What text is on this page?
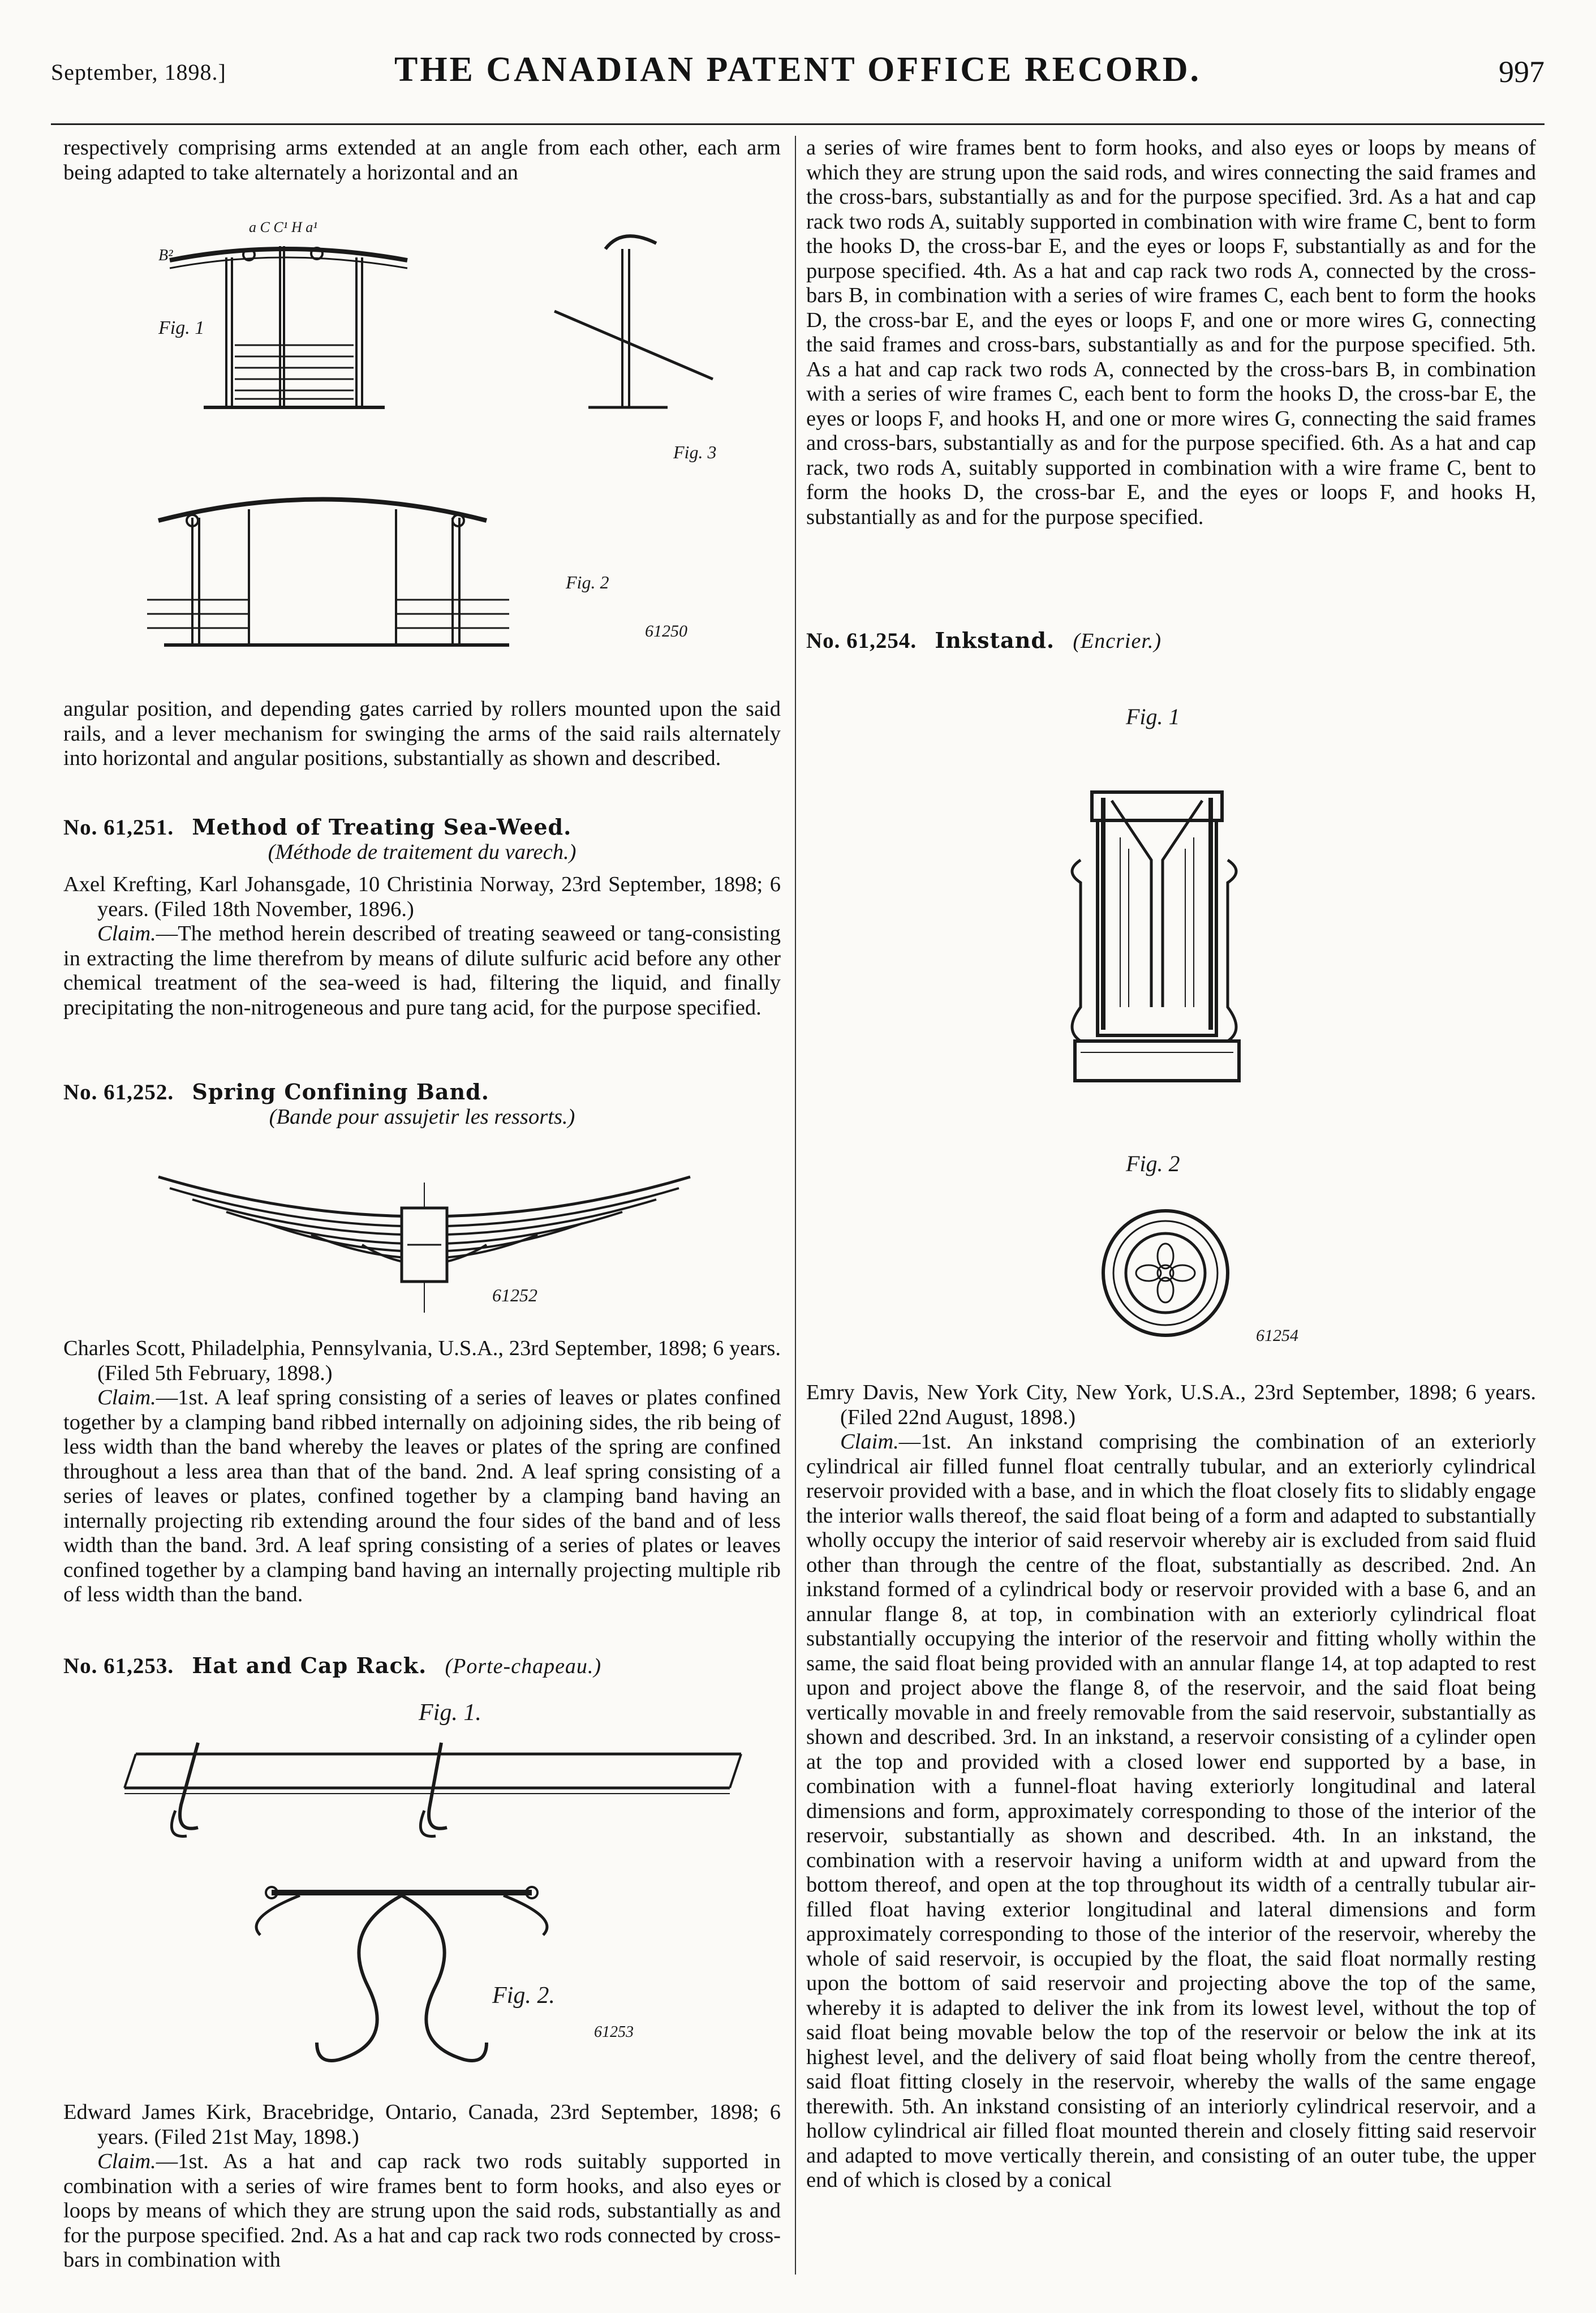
September, 1898.]	THE CANADIAN PATENT OFFICE RECORD.	997

respectively comprising arms extended at an angle from each other, each arm being adapted to take alternately a horizontal and an

B²
Fig. 1
a C C¹ H a¹
Fig. 3
Fig. 2
61250

angular position, and depending gates carried by rollers mounted upon the said rails, and a lever mechanism for swinging the arms of the said rails alternately into horizontal and angular positions, substantially as shown and described.

No. 61,251. Method of Treating Sea-Weed.

(Méthode de traitement du varech.)

Axel Krefting, Karl Johansgade, 10 Christinia Norway, 23rd September, 1898; 6 years. (Filed 18th November, 1896.)

Claim.—The method herein described of treating seaweed or tang-consisting in extracting the lime therefrom by means of dilute sulfuric acid before any other chemical treatment of the sea-weed is had, filtering the liquid, and finally precipitating the non-nitrogeneous and pure tang acid, for the purpose specified.

No. 61,252. Spring Confining Band.

(Bande pour assujetir les ressorts.)

61252

Charles Scott, Philadelphia, Pennsylvania, U.S.A., 23rd September, 1898; 6 years. (Filed 5th February, 1898.)

Claim.—1st. A leaf spring consisting of a series of leaves or plates confined together by a clamping band ribbed internally on adjoining sides, the rib being of less width than the band whereby the leaves or plates of the spring are confined throughout a less area than that of the band. 2nd. A leaf spring consisting of a series of leaves or plates, confined together by a clamping band having an internally projecting rib extending around the four sides of the band and of less width than the band. 3rd. A leaf spring consisting of a series of plates or leaves confined together by a clamping band having an internally projecting multiple rib of less width than the band.

No. 61,253. Hat and Cap Rack. (Porte-chapeau.)

Fig. 1.
Fig. 2.
61253

Edward James Kirk, Bracebridge, Ontario, Canada, 23rd September, 1898; 6 years. (Filed 21st May, 1898.)

Claim.—1st. As a hat and cap rack two rods suitably supported in combination with a series of wire frames bent to form hooks, and also eyes or loops by means of which they are strung upon the said rods, substantially as and for the purpose specified. 2nd. As a hat and cap rack two rods connected by cross-bars in combination with

a series of wire frames bent to form hooks, and also eyes or loops by means of which they are strung upon the said rods, and wires connecting the said frames and the cross-bars, substantially as and for the purpose specified. 3rd. As a hat and cap rack two rods A, suitably supported in combination with wire frame C, bent to form the hooks D, the cross-bar E, and the eyes or loops F, substantially as and for the purpose specified. 4th. As a hat and cap rack two rods A, connected by the cross-bars B, in combination with a series of wire frames C, each bent to form the hooks D, the cross-bar E, and the eyes or loops F, and one or more wires G, connecting the said frames and cross-bars, substantially as and for the purpose specified. 5th. As a hat and cap rack two rods A, connected by the cross-bars B, in combination with a series of wire frames C, each bent to form the hooks D, the cross-bar E, the eyes or loops F, and hooks H, and one or more wires G, connecting the said frames and cross-bars, substantially as and for the purpose specified. 6th. As a hat and cap rack, two rods A, suitably supported in combination with a wire frame C, bent to form the hooks D, the cross-bar E, and the eyes or loops F, and hooks H, substantially as and for the purpose specified.

No. 61,254. Inkstand. (Encrier.)

Fig. 1
Fig. 2
61254

Emry Davis, New York City, New York, U.S.A., 23rd September, 1898; 6 years. (Filed 22nd August, 1898.)

Claim.—1st. An inkstand comprising the combination of an exteriorly cylindrical air filled funnel float centrally tubular, and an exteriorly cylindrical reservoir provided with a base, and in which the float closely fits to slidably engage the interior walls thereof, the said float being of a form and adapted to substantially wholly occupy the interior of said reservoir whereby air is excluded from said fluid other than through the centre of the float, substantially as described. 2nd. An inkstand formed of a cylindrical body or reservoir provided with a base 6, and an annular flange 8, at top, in combination with an exteriorly cylindrical float substantially occupying the interior of the reservoir and fitting wholly within the same, the said float being provided with an annular flange 14, at top adapted to rest upon and project above the flange 8, of the reservoir, and the said float being vertically movable in and freely removable from the said reservoir, substantially as shown and described. 3rd. In an inkstand, a reservoir consisting of a cylinder open at the top and provided with a closed lower end supported by a base, in combination with a funnel-float having exteriorly longitudinal and lateral dimensions and form, approximately corresponding to those of the interior of the reservoir, substantially as shown and described. 4th. In an inkstand, the combination with a reservoir having a uniform width at and upward from the bottom thereof, and open at the top throughout its width of a centrally tubular air-filled float having exterior longitudinal and lateral dimensions and form approximately corresponding to those of the interior of the reservoir, whereby the whole of said reservoir, is occupied by the float, the said float normally resting upon the bottom of said reservoir and projecting above the top of the same, whereby it is adapted to deliver the ink from its lowest level, without the top of said float being movable below the top of the reservoir or below the ink at its highest level, and the delivery of said float being wholly from the centre thereof, said float fitting closely in the reservoir, whereby the walls of the same engage therewith. 5th. An inkstand consisting of an interiorly cylindrical reservoir, and a hollow cylindrical air filled float mounted therein and closely fitting said reservoir and adapted to move vertically therein, and consisting of an outer tube, the upper end of which is closed by a conical
